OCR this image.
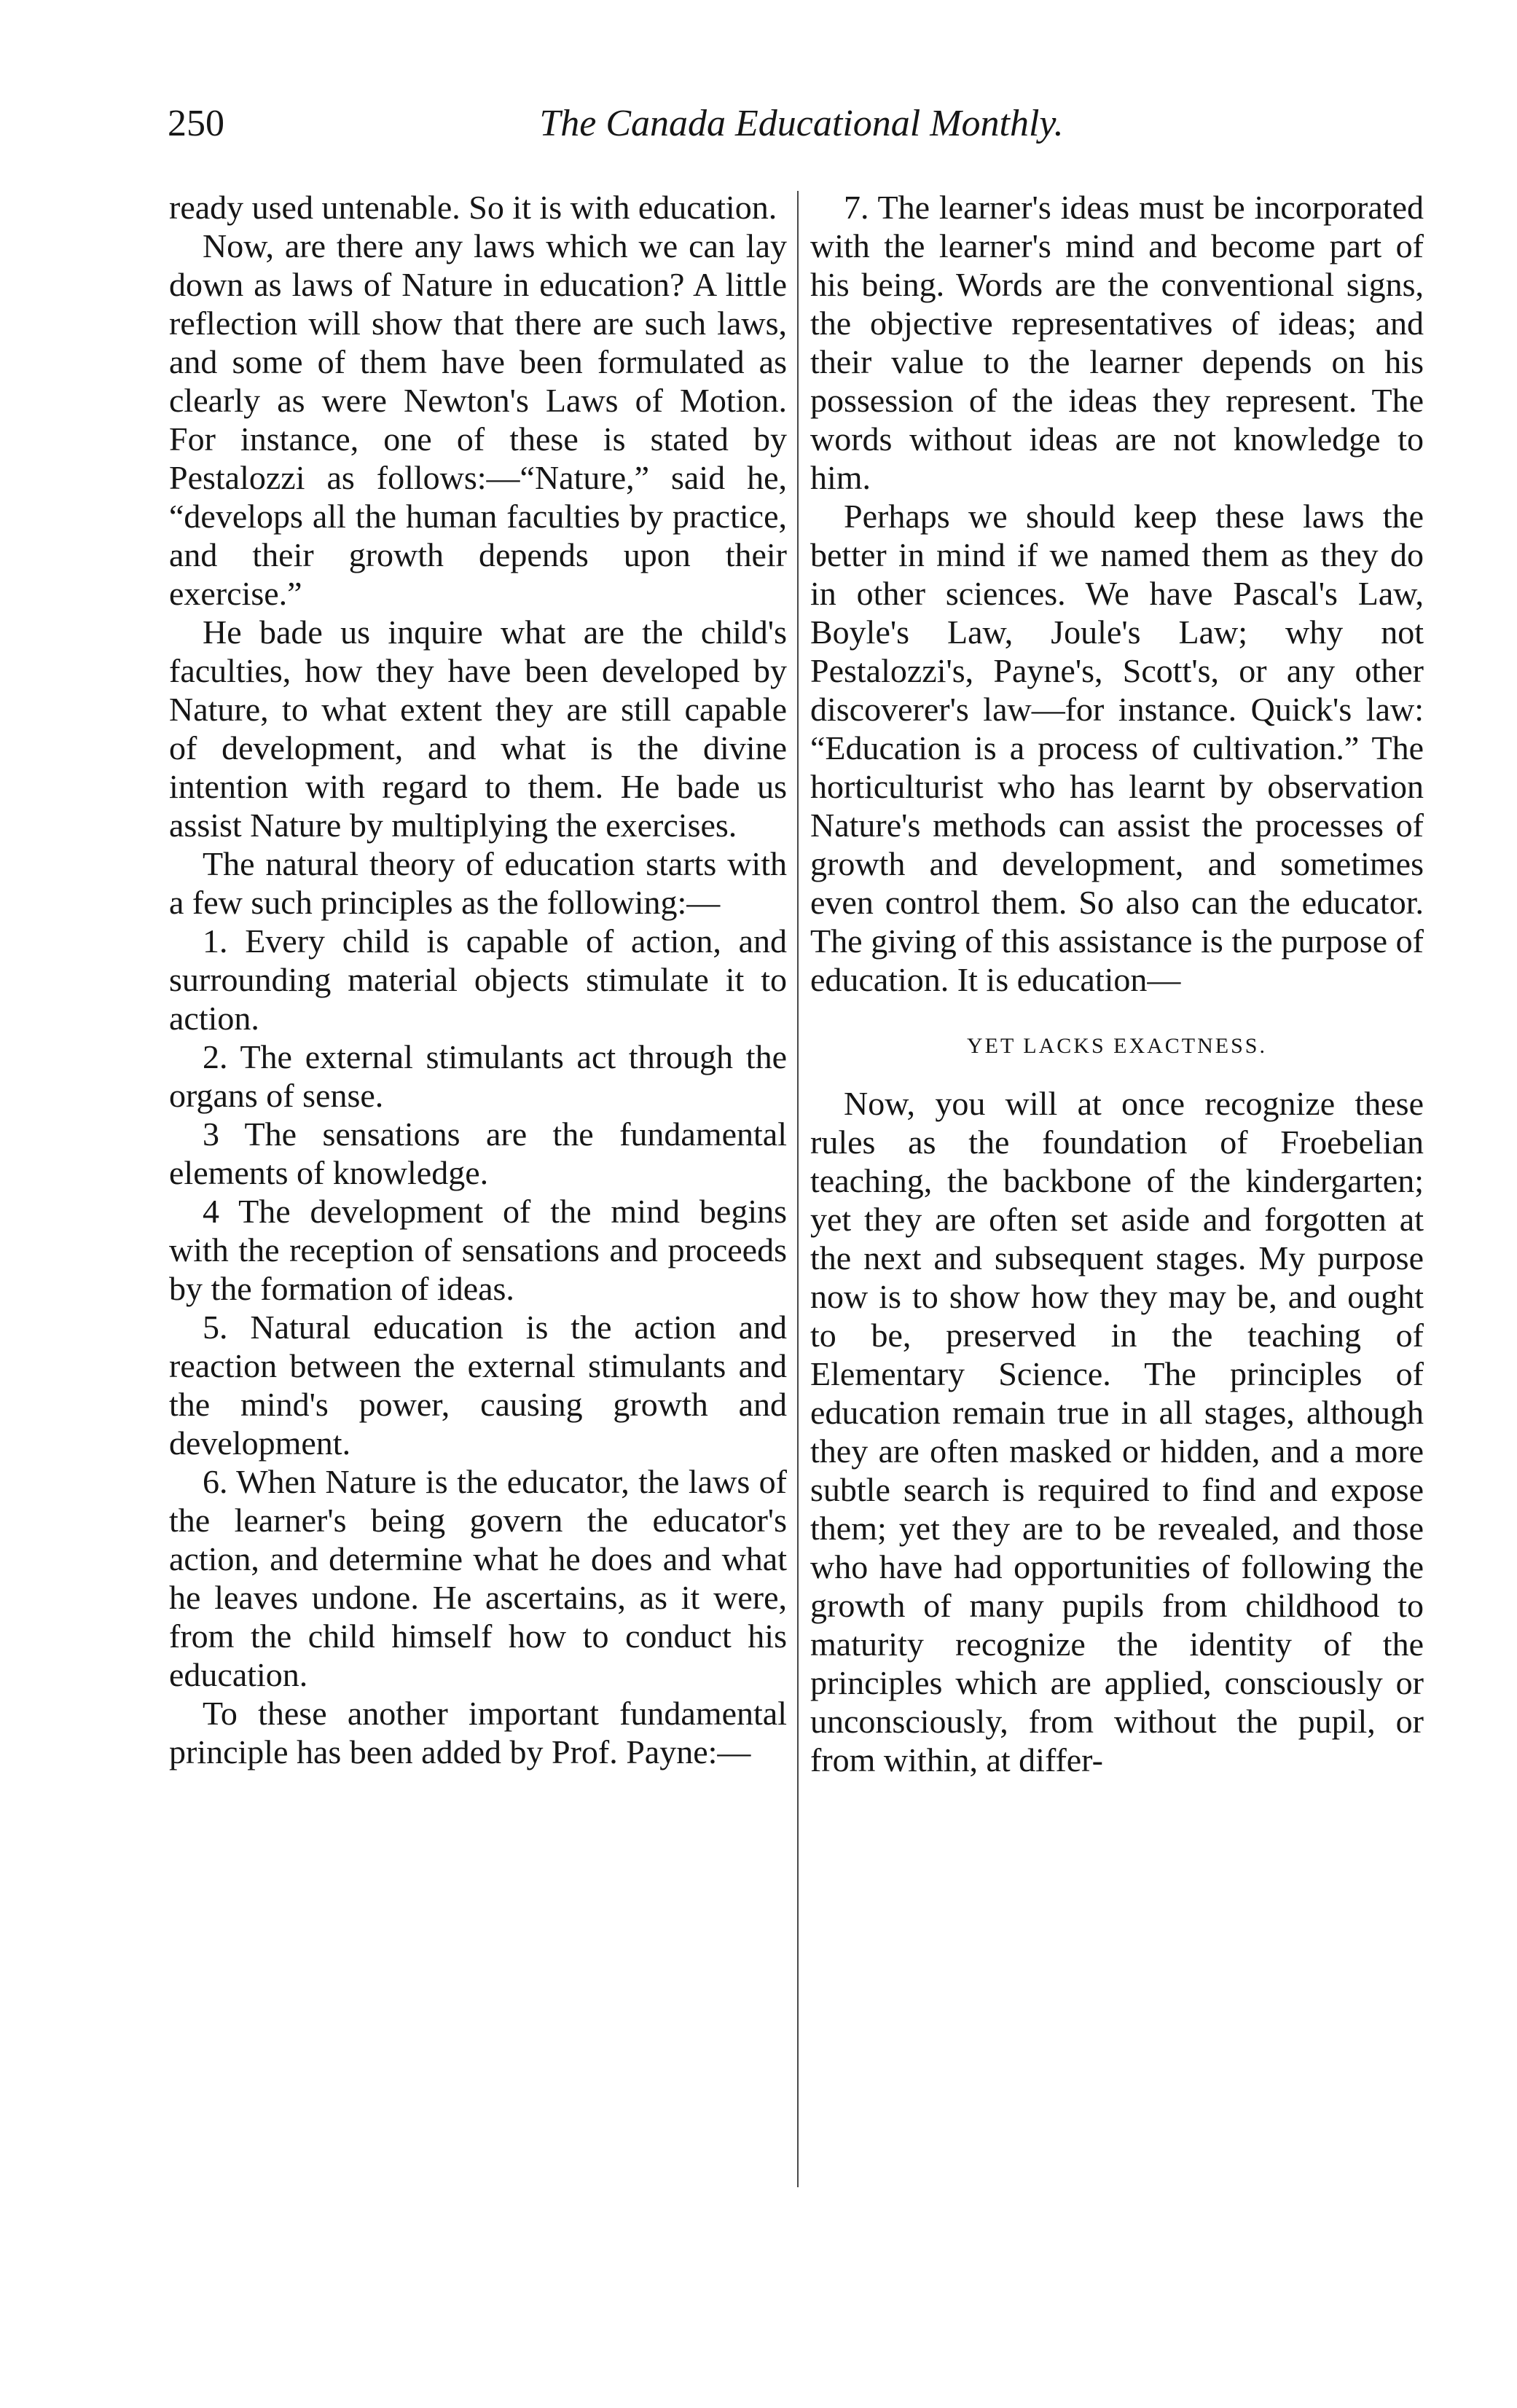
250	The Canada Educational Monthly.

ready used untenable. So it is with education.

Now, are there any laws which we can lay down as laws of Nature in education? A little reflection will show that there are such laws, and some of them have been formulated as clearly as were Newton's Laws of Motion. For instance, one of these is stated by Pestalozzi as follows:—“Nature,” said he, “develops all the human faculties by practice, and their growth depends upon their exercise.”

He bade us inquire what are the child's faculties, how they have been developed by Nature, to what extent they are still capable of development, and what is the divine intention with regard to them. He bade us assist Nature by multiplying the exercises.

The natural theory of education starts with a few such principles as the following:—

1. Every child is capable of action, and surrounding material objects stimulate it to action.

2. The external stimulants act through the organs of sense.

3 The sensations are the fundamental elements of knowledge.

4 The development of the mind begins with the reception of sensations and proceeds by the formation of ideas.

5. Natural education is the action and reaction between the external stimulants and the mind's power, causing growth and development.

6. When Nature is the educator, the laws of the learner's being govern the educator's action, and determine what he does and what he leaves undone. He ascertains, as it were, from the child himself how to conduct his education.

To these another important fundamental principle has been added by Prof. Payne:—

7. The learner's ideas must be incorporated with the learner's mind and become part of his being. Words are the conventional signs, the objective representatives of ideas; and their value to the learner depends on his possession of the ideas they represent. The words without ideas are not knowledge to him.

Perhaps we should keep these laws the better in mind if we named them as they do in other sciences. We have Pascal's Law, Boyle's Law, Joule's Law; why not Pestalozzi's, Payne's, Scott's, or any other discoverer's law—for instance. Quick's law: “Education is a process of cultivation.” The horticulturist who has learnt by observation Nature's methods can assist the processes of growth and development, and sometimes even control them. So also can the educator. The giving of this assistance is the purpose of education. It is education—

YET LACKS EXACTNESS.

Now, you will at once recognize these rules as the foundation of Froebelian teaching, the backbone of the kindergarten; yet they are often set aside and forgotten at the next and subsequent stages. My purpose now is to show how they may be, and ought to be, preserved in the teaching of Elementary Science. The principles of education remain true in all stages, although they are often masked or hidden, and a more subtle search is required to find and expose them; yet they are to be revealed, and those who have had opportunities of following the growth of many pupils from childhood to maturity recognize the identity of the principles which are applied, consciously or unconsciously, from without the pupil, or from within, at differ-
